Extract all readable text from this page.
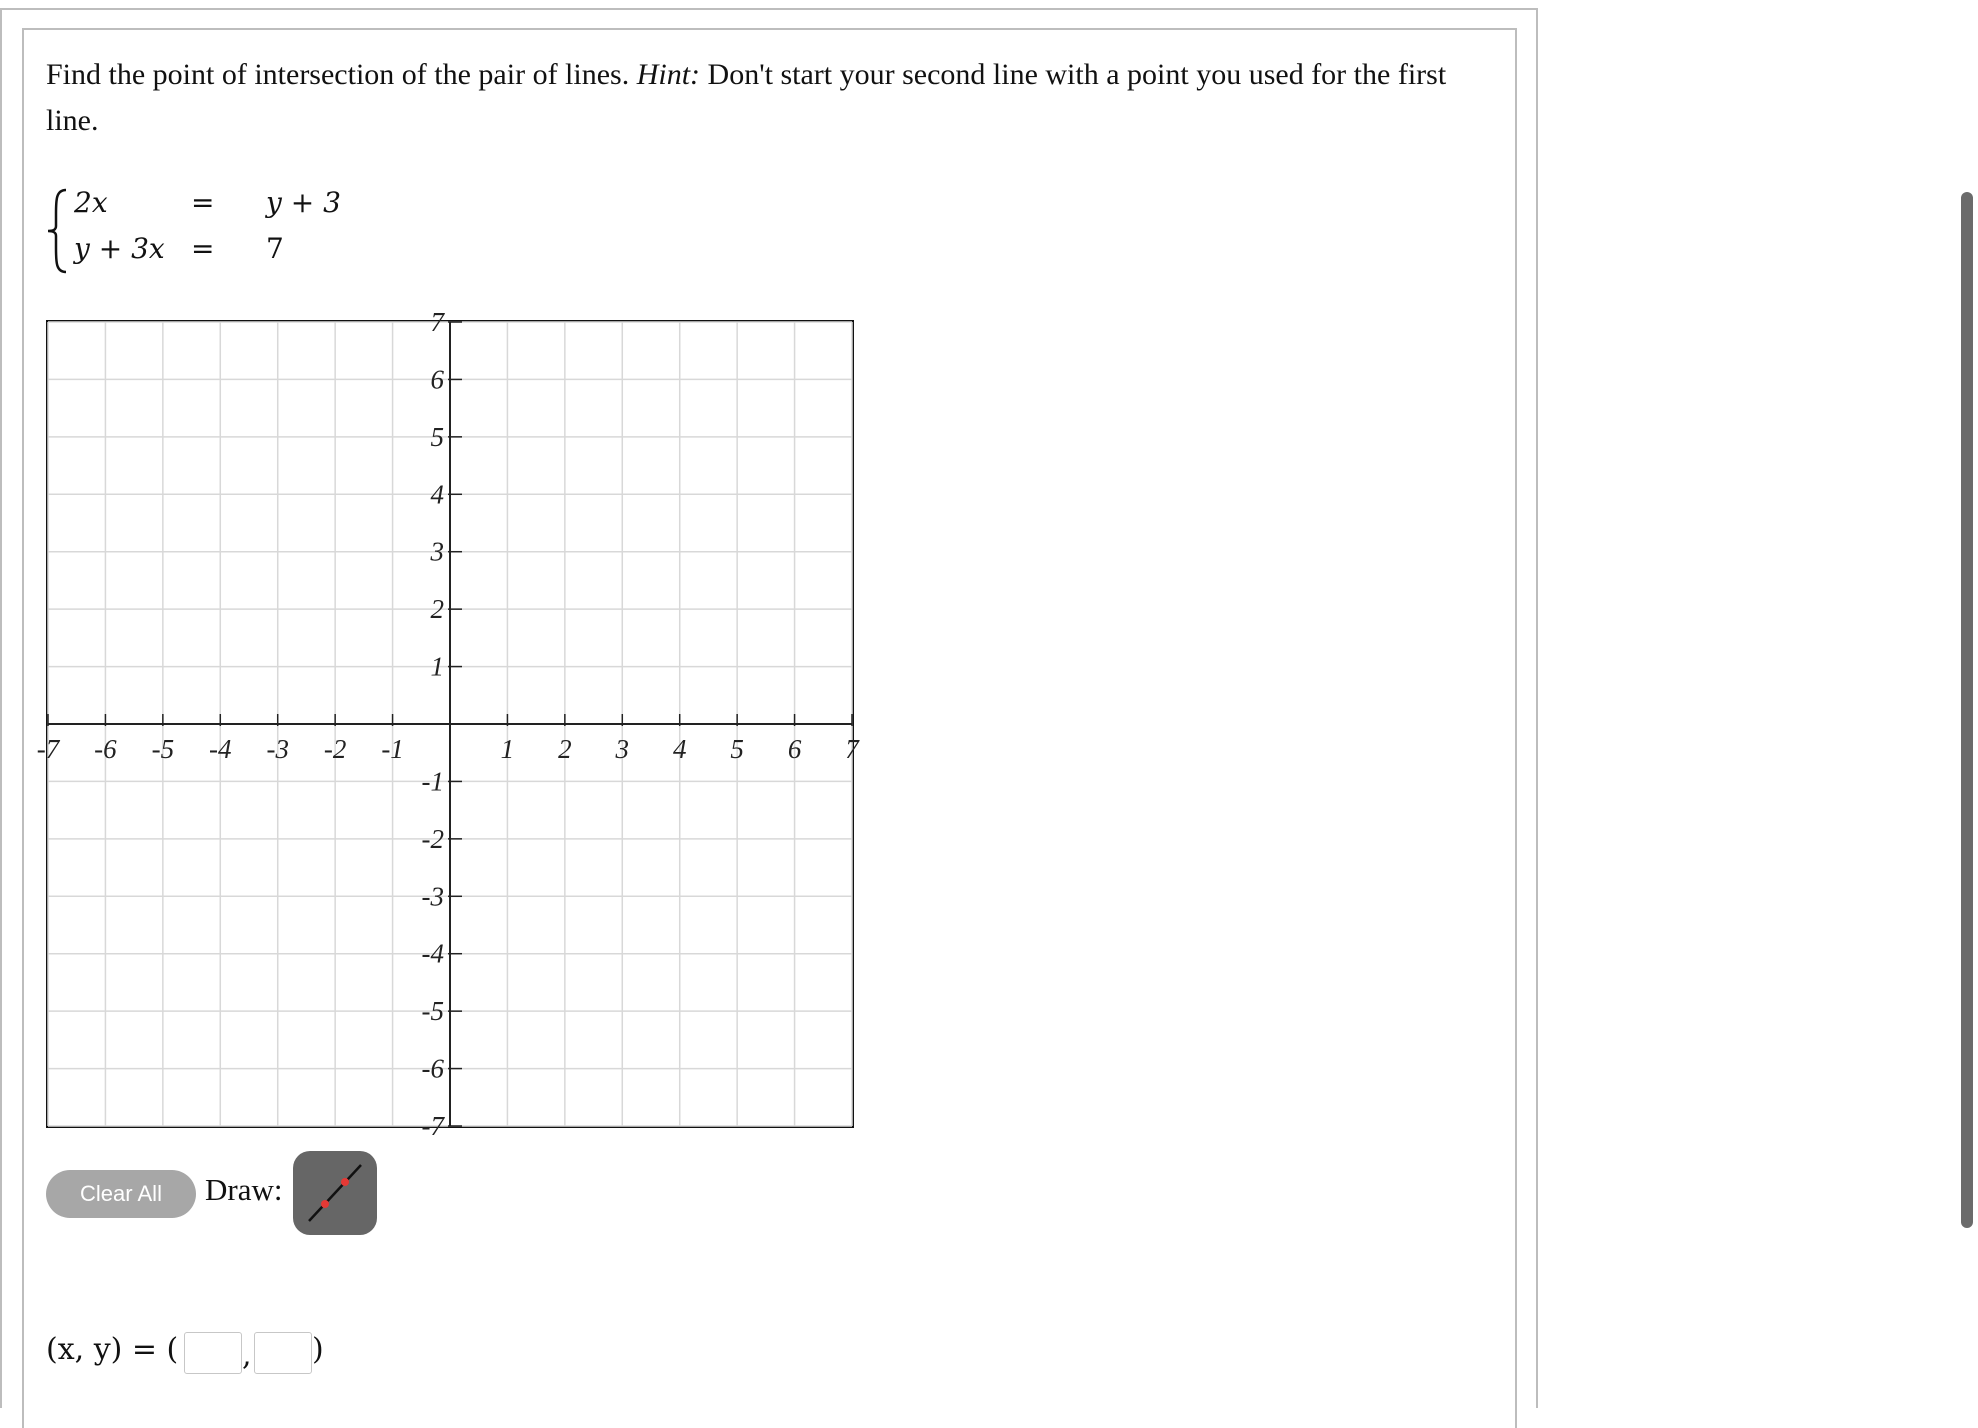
Find the point of intersection of the pair of lines. Hint: Don't start your second line with a point you used for the first line.
2x	= y + 3
y + 3x = 7
-7 -6 -5 -4 -3 -2 -1	1 2 3 4 5 6 7
7
6
5
4
3
2
1
-1
-2
-3
-4
-5
-6
-7
Clear All	Draw:
(x, y) = ( , )
